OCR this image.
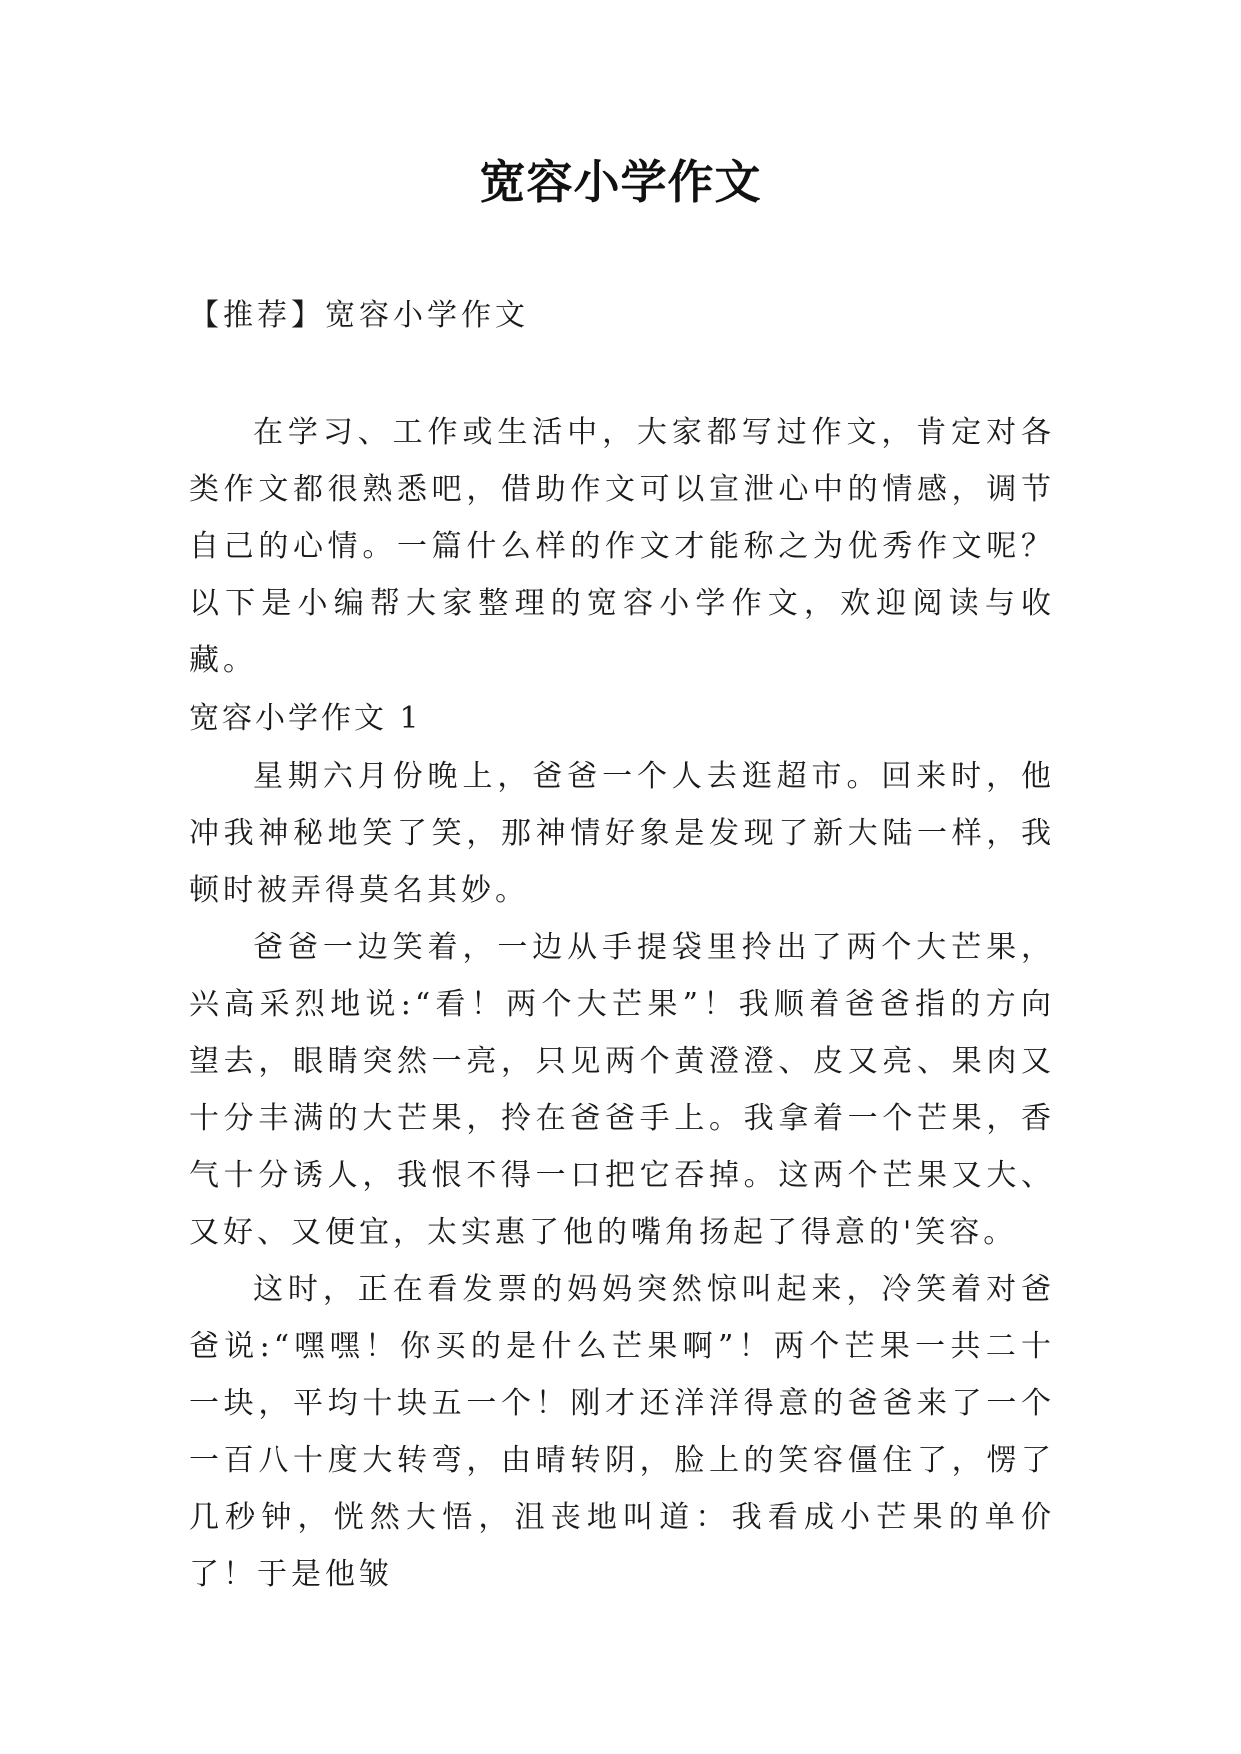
宽容小学作文
【推荐】宽容小学作文
在学习、工作或生活中，大家都写过作文，肯定对各类作文都很熟悉吧，借助作文可以宣泄心中的情感，调节自己的心情。一篇什么样的作文才能称之为优秀作文呢？以下是小编帮大家整理的宽容小学作文，欢迎阅读与收藏。
宽容小学作文 1

星期六月份晚上，爸爸一个人去逛超市。回来时，他冲我神秘地笑了笑，那神情好象是发现了新大陆一样，我顿时被弄得莫名其妙。

爸爸一边笑着，一边从手提袋里拎出了两个大芒果，兴高采烈地说:“看！两个大芒果”！我顺着爸爸指的方向望去，眼睛突然一亮，只见两个黄澄澄、皮又亮、果肉又十分丰满的大芒果，拎在爸爸手上。我拿着一个芒果，香气十分诱人，我恨不得一口把它吞掉。这两个芒果又大、又好、又便宜，太实惠了他的嘴角扬起了得意的'笑容。

这时，正在看发票的妈妈突然惊叫起来，冷笑着对爸爸说:“嘿嘿！你买的是什么芒果啊”！两个芒果一共二十一块，平均十块五一个！刚才还洋洋得意的爸爸来了一个一百八十度大转弯，由晴转阴，脸上的笑容僵住了，愣了几秒钟，恍然大悟，沮丧地叫道：我看成小芒果的单价了！于是他皱
